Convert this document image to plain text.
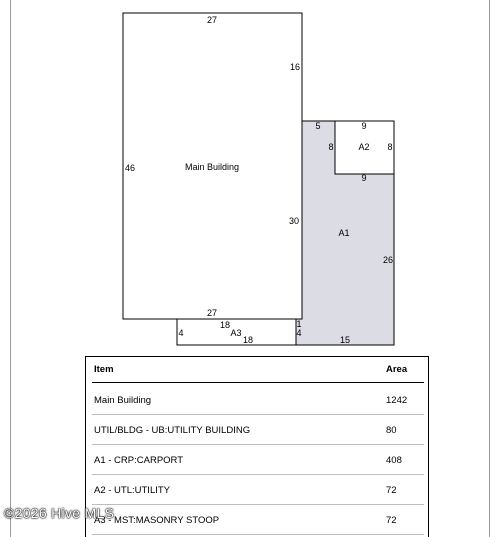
Main Building
27
16
46
30
27
A1
26
15
5
1
4
A2
9
8	8
9
A3
18
4
18
Item	Area
Main Building	1242
UTIL/BLDG - UB:UTILITY BUILDING	80
A1 - CRP:CARPORT	408
A2 - UTL:UTILITY	72
A3 - MST:MASONRY STOOP	72
©2026 Hive MLS
